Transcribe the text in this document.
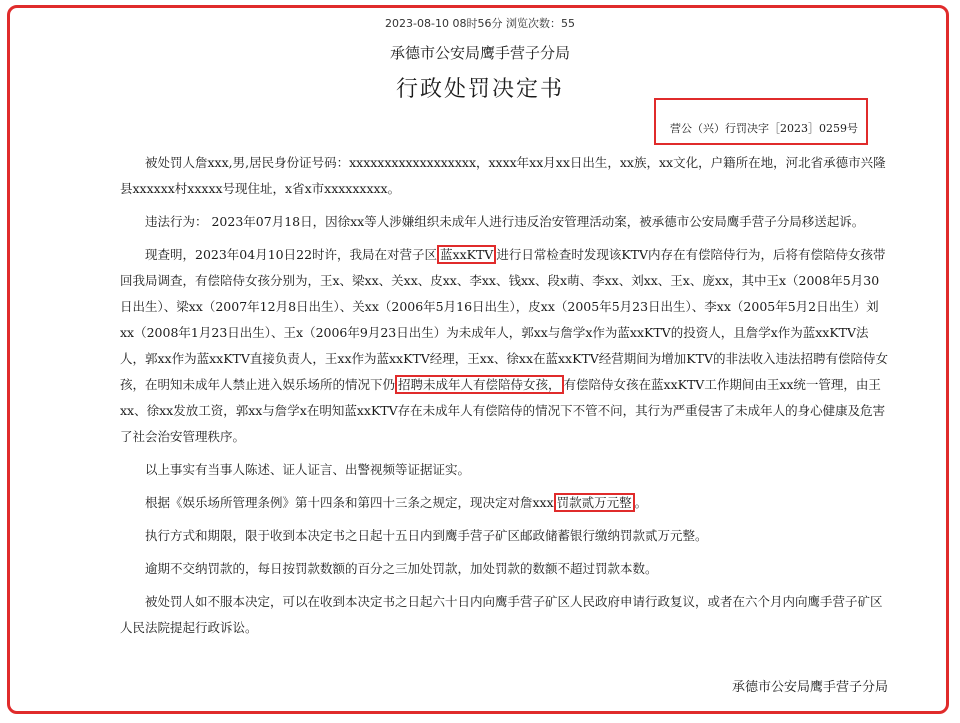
2023-08-10 08时56分 浏览次数：55
承德市公安局鹰手营子分局
行政处罚决定书
营公（兴）行罚决字［2023］0259号

被处罚人詹xxx,男,居民身份证号码：xxxxxxxxxxxxxxxxxx，xxxx年xx月xx日出生，xx族，xx文化，户籍所在地，河北省承德市兴隆县xxxxxx村xxxxx号现住址，x省x市xxxxxxxxx。

违法行为： 2023年07月18日，因徐xx等人涉嫌组织未成年人进行违反治安管理活动案，被承德市公安局鹰手营子分局移送起诉。

现查明，2023年04月10日22时许，我局在对营子区 蓝xxKTV 进行日常检查时发现该KTV内存在有偿陪侍行为，后将有偿陪侍女孩带回我局调查，有偿陪侍女孩分别为，王x、梁xx、关xx、皮xx、李xx、钱xx、段x萌、李xx、刘xx、王x、庞xx，其中王x（2008年5月30日出生）、梁xx（2007年12月8日出生）、关xx（2006年5月16日出生），皮xx（2005年5月23日出生）、李xx（2005年5月2日出生）刘xx（2008年1月23日出生）、王x（2006年9月23日出生）为未成年人，郭xx与詹学x作为蓝xxKTV的投资人，且詹学x作为蓝xxKTV法人，郭xx作为蓝xxKTV直接负责人，王xx作为蓝xxKTV经理，王xx、徐xx在蓝xxKTV经营期间为增加KTV的非法收入违法招聘有偿陪侍女孩，在明知未成年人禁止进入娱乐场所的情况下仍 招聘未成年人有偿陪侍女孩， 有偿陪侍女孩在蓝xxKTV工作期间由王xx统一管理，由王xx、徐xx发放工资，郭xx与詹学x在明知蓝xxKTV存在未成年人有偿陪侍的情况下不管不问，其行为严重侵害了未成年人的身心健康及危害了社会治安管理秩序。

以上事实有当事人陈述、证人证言、出警视频等证据证实。

根据《娱乐场所管理条例》第十四条和第四十三条之规定，现决定对詹xxx 罚款贰万元整 。

执行方式和期限，限于收到本决定书之日起十五日内到鹰手营子矿区邮政储蓄银行缴纳罚款贰万元整。

逾期不交纳罚款的，每日按罚款数额的百分之三加处罚款，加处罚款的数额不超过罚款本数。

被处罚人如不服本决定，可以在收到本决定书之日起六十日内向鹰手营子矿区人民政府申请行政复议，或者在六个月内向鹰手营子矿区人民法院提起行政诉讼。

承德市公安局鹰手营子分局
